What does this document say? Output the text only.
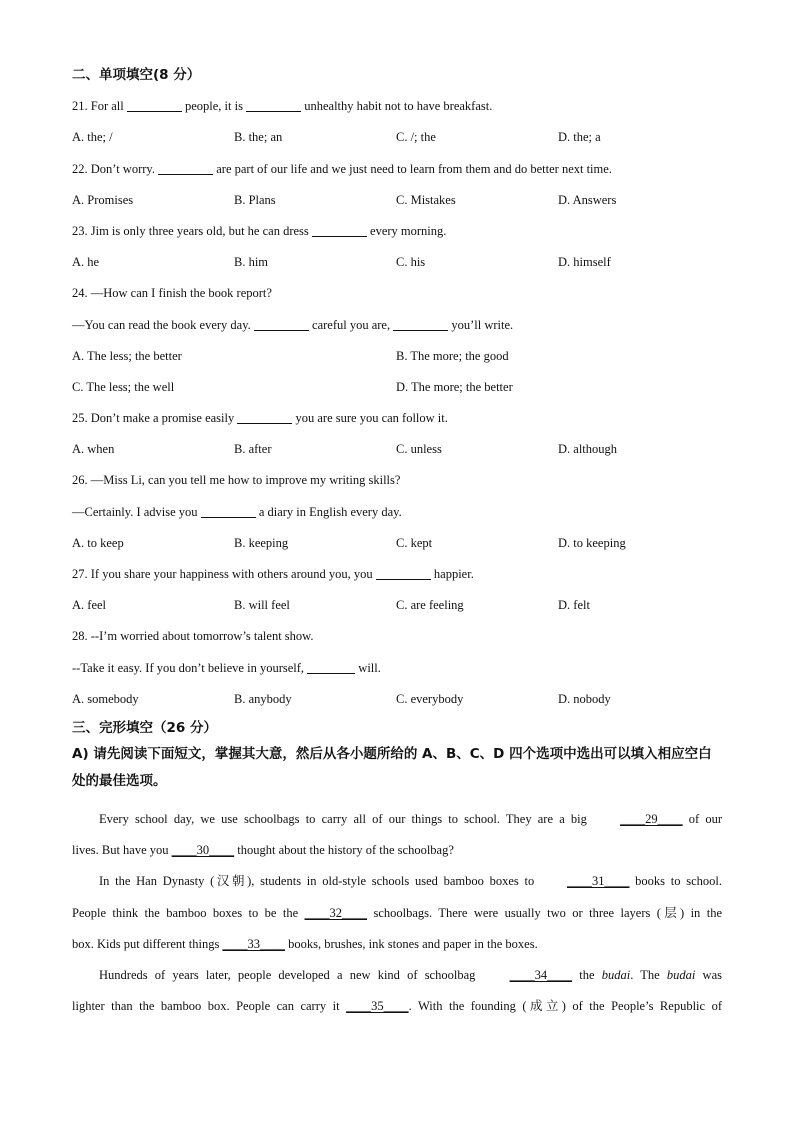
二、单项填空(8 分）
21. For all	people, it is	unhealthy habit not to have breakfast.
A. the; /	B. the; an	C. /; the	D. the; a
22. Don’t worry.	are part of our life and we just need to learn from them and do better next time.
A. Promises	B. Plans	C. Mistakes	D. Answers
23. Jim is only three years old, but he can dress	every morning.
A. he	B. him	C. his	D. himself
24. —How can I finish the book report?
—You can read the book every day.	careful you are,	you’ll write.
A. The less; the better	B. The more; the good
C. The less; the well	D. The more; the better
25. Don’t make a promise easily	you are sure you can follow it.
A. when	B. after	C. unless	D. although
26. —Miss Li, can you tell me how to improve my writing skills?
—Certainly. I advise you	a diary in English every day.
A. to keep	B. keeping	C. kept	D. to keeping
27. If you share your happiness with others around you, you	happier.
A. feel	B. will feel	C. are feeling	D. felt
28. --I’m worried about tomorrow’s talent show.
--Take it easy. If you don’t believe in yourself,	will.
A. somebody	B. anybody	C. everybody	D. nobody
三、完形填空（26 分）
A) 请先阅读下面短文，掌握其大意，然后从各小题所给的 A、B、C、D 四个选项中选出可以填入相应空白处的最佳选项。
Every school day, we use schoolbags to carry all of our things to school. They are a big ____29____ of our
lives. But have you ____30____ thought about the history of the schoolbag?
In the Han Dynasty (汉朝), students in old-style schools used bamboo boxes to ____31____ books to school.
People think the bamboo boxes to be the ____32____ schoolbags. There were usually two or three layers (层) in the
box. Kids put different things ____33____ books, brushes, ink stones and paper in the boxes.
Hundreds of years later, people developed a new kind of schoolbag ____34____ the budai. The budai was
lighter than the bamboo box. People can carry it ____35____. With the founding (成立) of the People’s Republic of
